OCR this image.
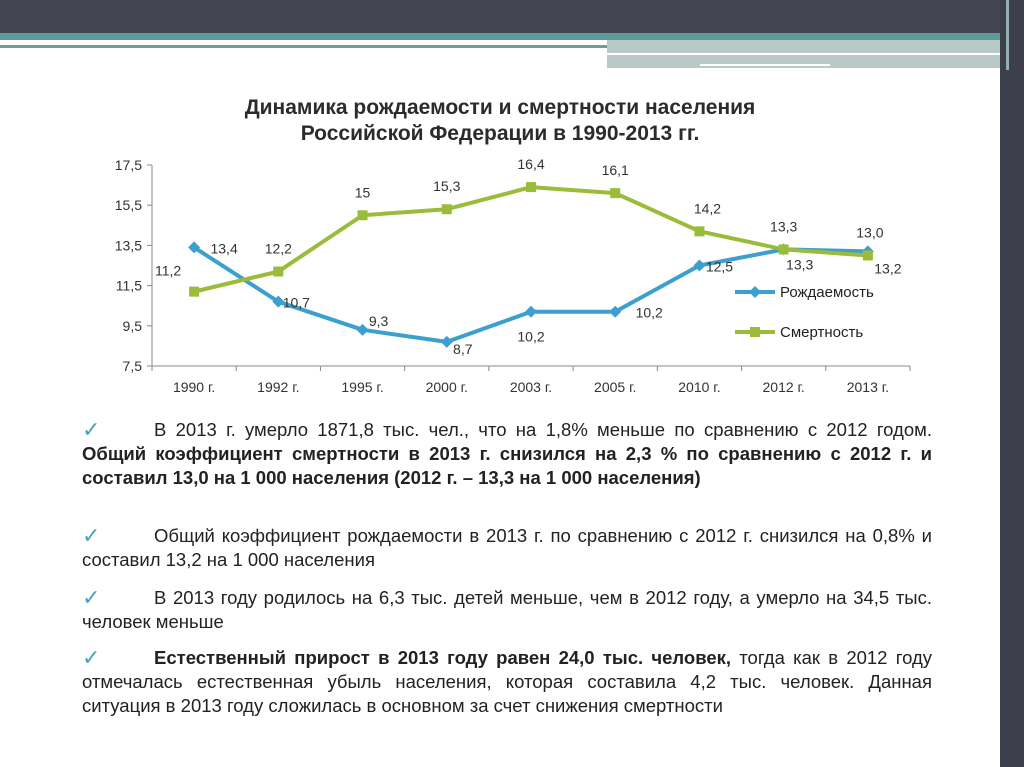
Динамика рождаемости и смертности населения
Российской Федерации в 1990-2013 гг.
7,5
9,5
11,5
13,5
15,5
17,5
1990 г.	1992 г.	1995 г.	2000 г.	2003 г.	2005 г.	2010 г.	2012 г.	2013 г.
13,4
10,7
9,3
8,7
10,2
10,2
12,5	13,3	13,2
11,2
12,2
15	15,3
16,4	16,1
14,2
13,3	13,0
Рождаемость
Смертность
✓	В 2013 г. умерло 1871,8 тыс. чел., что на 1,8% меньше по сравнению с 2012 годом. Общий коэффициент смертности в 2013 г. снизился на 2,3 % по сравнению с 2012 г. и составил 13,0 на 1 000 населения (2012 г. – 13,3 на 1 000 населения)
✓	Общий коэффициент рождаемости в 2013 г. по сравнению с 2012 г. снизился на 0,8% и составил 13,2 на 1 000 населения
✓	В 2013 году родилось на 6,3 тыс. детей меньше, чем в 2012 году, а умерло на 34,5 тыс. человек меньше
✓	Естественный прирост в 2013 году равен 24,0 тыс. человек, тогда как в 2012 году отмечалась естественная убыль населения, которая составила 4,2 тыс. человек. Данная ситуация в 2013 году сложилась в основном за счет снижения смертности
